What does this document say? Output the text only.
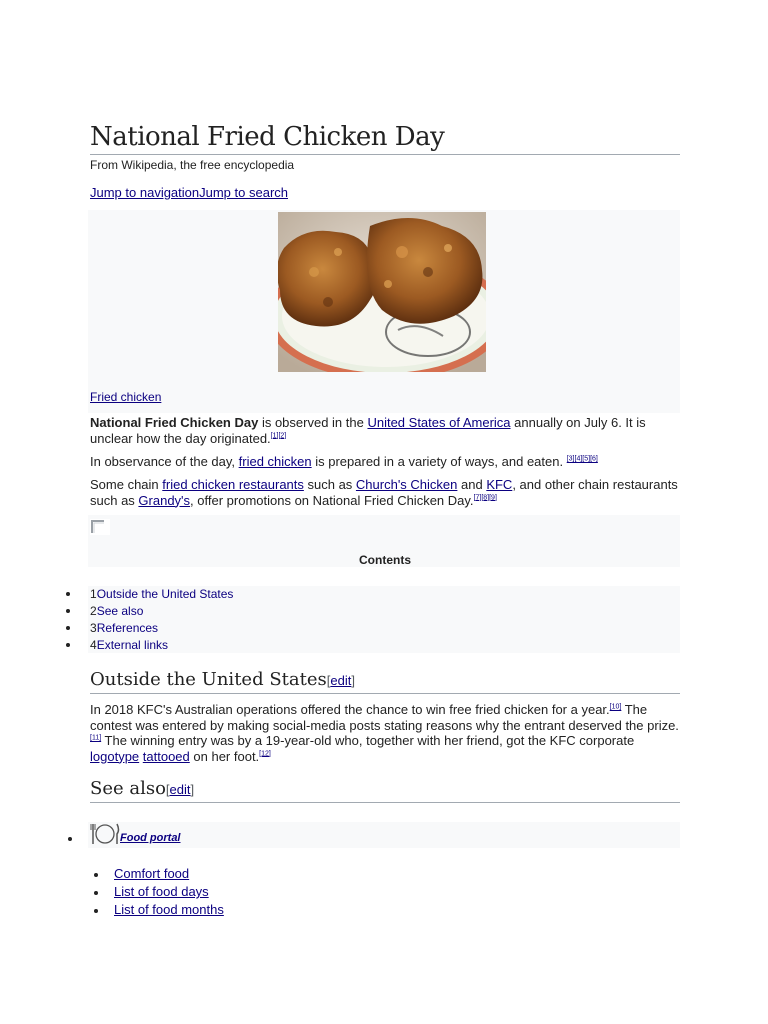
National Fried Chicken Day
From Wikipedia, the free encyclopedia
Jump to navigationJump to search
Fried chicken

National Fried Chicken Day is observed in the United States of America annually on July 6. It is unclear how the day originated.[1][2]

In observance of the day, fried chicken is prepared in a variety of ways, and eaten. [3][4][5][6]

Some chain fried chicken restaurants such as Church's Chicken and KFC, and other chain restaurants such as Grandy's, offer promotions on National Fried Chicken Day.[7][8][9]

Contents
1Outside the United States
2See also
3References
4External links
Outside the United States[edit]

In 2018 KFC's Australian operations offered the chance to win free fried chicken for a year.[10] The contest was entered by making social-media posts stating reasons why the entrant deserved the prize.[11] The winning entry was by a 19-year-old who, together with her friend, got the KFC corporate logotype tattooed on her foot.[12]

See also[edit]
Food portal
Comfort food
List of food days
List of food months
